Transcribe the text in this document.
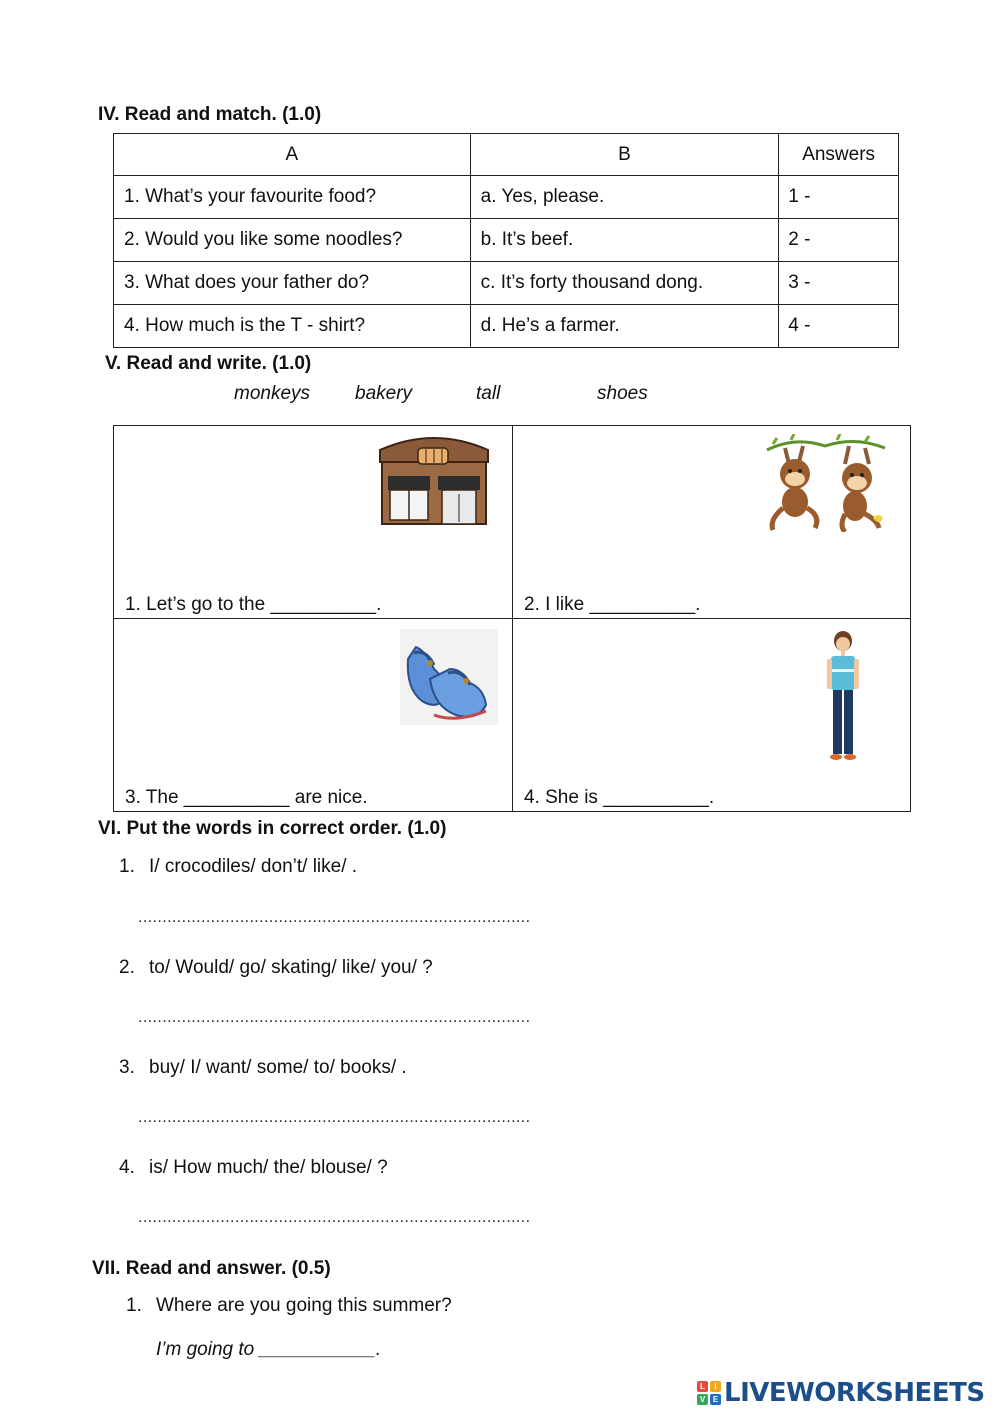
IV. Read and match. (1.0)
A	B	Answers
1. What’s your favourite food?	a. Yes, please.	1 -
2. Would you like some noodles?	b. It’s beef.	2 -
3. What does your father do?	c. It’s forty thousand dong.	3 -
4. How much is the T - shirt?	d. He’s a farmer.	4 -
V. Read and write. (1.0)
monkeys bakery	tall	shoes
1. Let’s go to the __________.	2. I like __________.
3. The __________ are nice.	4. She is __________.
VI. Put the words in correct order. (1.0)
1. I/ crocodiles/ don’t/ like/ .
.................................................................................
2. to/ Would/ go/ skating/ like/ you/ ?
.................................................................................
3. buy/ I/ want/ some/ to/ books/ .
.................................................................................
4. is/ How much/ the/ blouse/ ?
.................................................................................
VII. Read and answer. (0.5)
1. Where are you going this summer?
I’m going to ___________.
L	I
V E LIVEWORKSHEETS
